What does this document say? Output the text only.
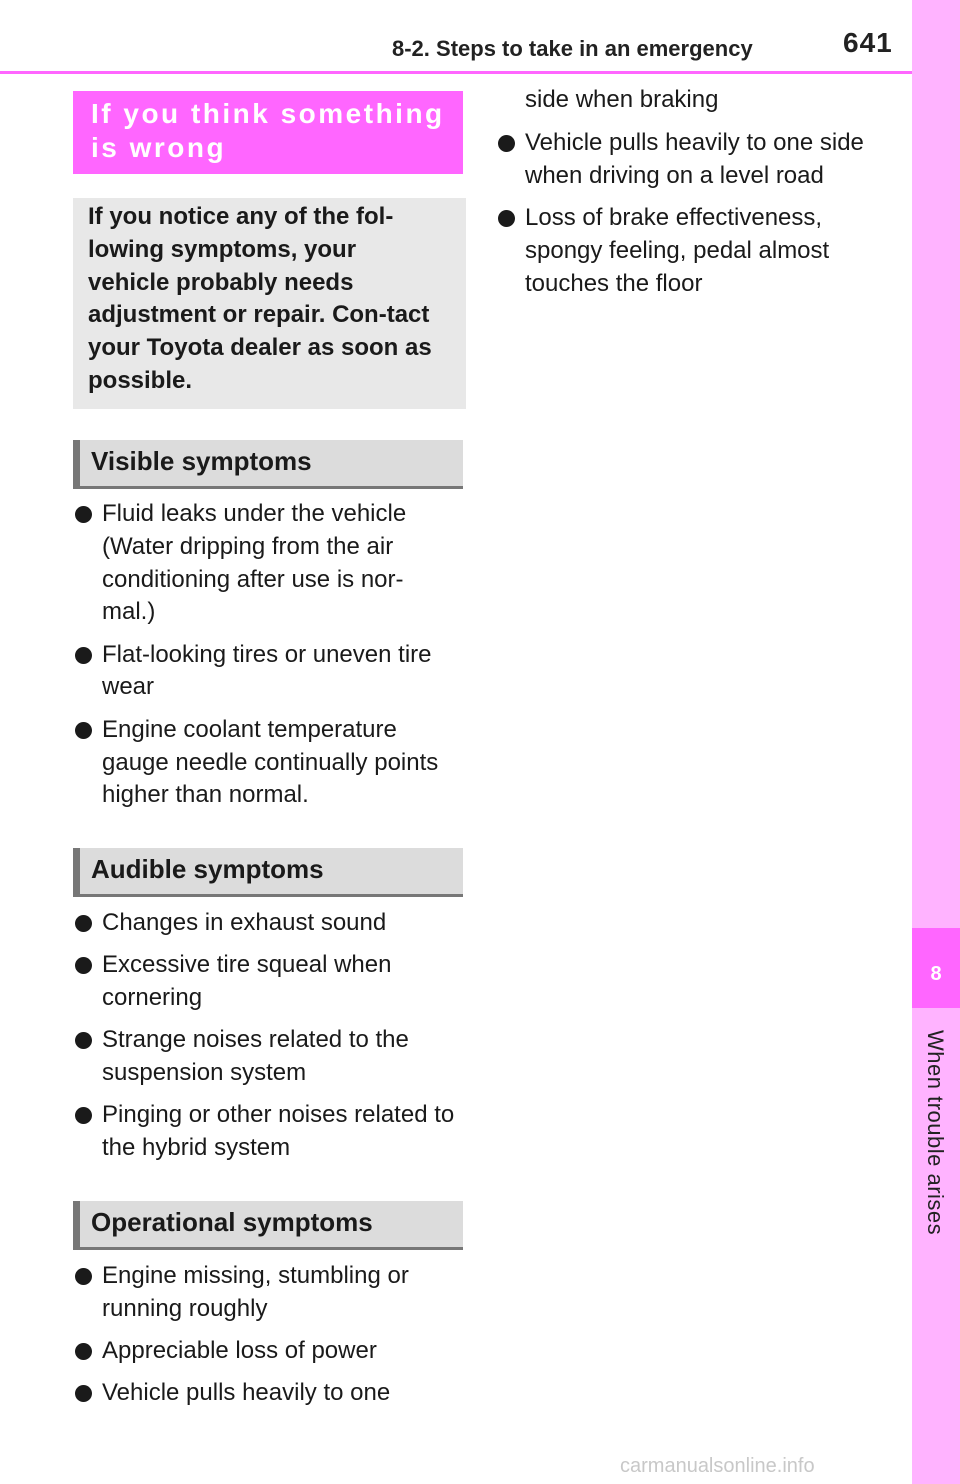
8-2. Steps to take in an emergency	641
8
When trouble arises
If you think something is wrong
If you notice any of the fol-lowing symptoms, your vehicle probably needs adjustment or repair. Con-tact your Toyota dealer as soon as possible.
Visible symptoms
Fluid leaks under the vehicle (Water dripping from the air conditioning after use is nor-mal.)
Flat-looking tires or uneven tire wear
Engine coolant temperature gauge needle continually points higher than normal.
Audible symptoms
Changes in exhaust sound
Excessive tire squeal when cornering
Strange noises related to the suspension system
Pinging or other noises related to the hybrid system
Operational symptoms
Engine missing, stumbling or running roughly
Appreciable loss of power
Vehicle pulls heavily to one
side when braking
Vehicle pulls heavily to one side when driving on a level road
Loss of brake effectiveness, spongy feeling, pedal almost touches the floor
carmanualsonline.info
